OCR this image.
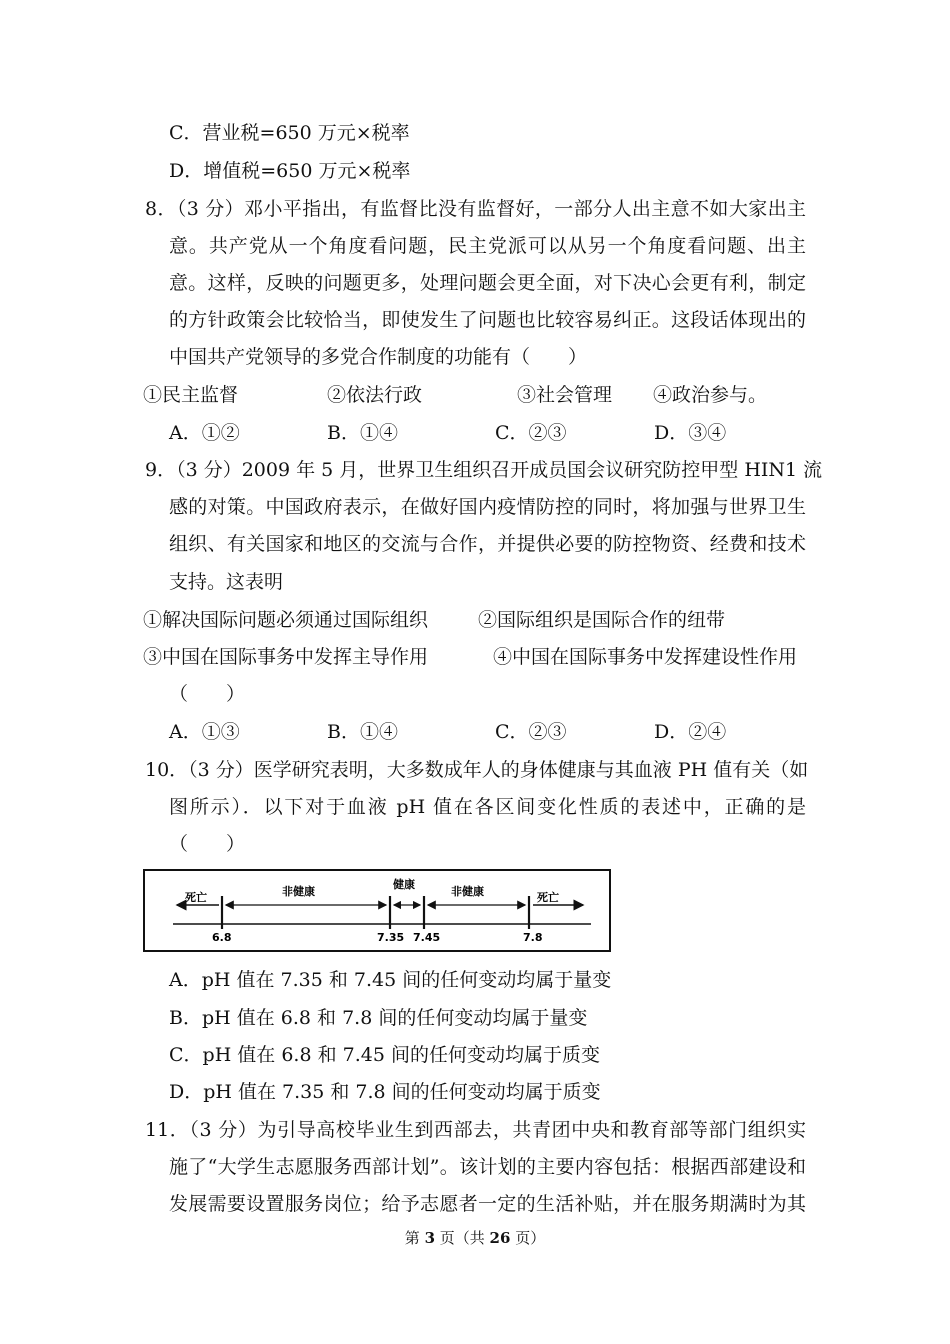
C．营业税=650 万元×税率
D．增值税=650 万元×税率
8．（3 分）邓小平指出，有监督比没有监督好，一部分人出主意不如大家出主
意。共产党从一个角度看问题，民主党派可以从另一个角度看问题、出主
意。这样，反映的问题更多，处理问题会更全面，对下决心会更有利，制定
的方针政策会比较恰当，即使发生了问题也比较容易纠正。这段话体现出的
中国共产党领导的多党合作制度的功能有（　　）
①民主监督	②依法行政	③社会管理	④政治参与。
A．①②	B．①④	C．②③	D．③④
9．（3 分）2009 年 5 月，世界卫生组织召开成员国会议研究防控甲型 HIN1 流
感的对策。中国政府表示，在做好国内疫情防控的同时，将加强与世界卫生
组织、有关国家和地区的交流与合作，并提供必要的防控物资、经费和技术
支持。这表明
①解决国际问题必须通过国际组织	②国际组织是国际合作的纽带
③中国在国际事务中发挥主导作用	④中国在国际事务中发挥建设性作用
（　　）
A．①③	B．①④	C．②③	D．②④
10．（3 分）医学研究表明，大多数成年人的身体健康与其血液 PH 值有关（如
图所示）．以下对于血液 pH 值在各区间变化性质的表述中，正确的是
（　　）
死亡	非健康
健康
非健康	死亡
6.8	7.35 7.45	7.8
A．pH 值在 7.35 和 7.45 间的任何变动均属于量变
B．pH 值在 6.8 和 7.8 间的任何变动均属于量变
C．pH 值在 6.8 和 7.45 间的任何变动均属于质变
D．pH 值在 7.35 和 7.8 间的任何变动均属于质变
11．（3 分）为引导高校毕业生到西部去，共青团中央和教育部等部门组织实
施了“大学生志愿服务西部计划”。该计划的主要内容包括：根据西部建设和
发展需要设置服务岗位；给予志愿者一定的生活补贴，并在服务期满时为其
第 3 页（共 26 页）
